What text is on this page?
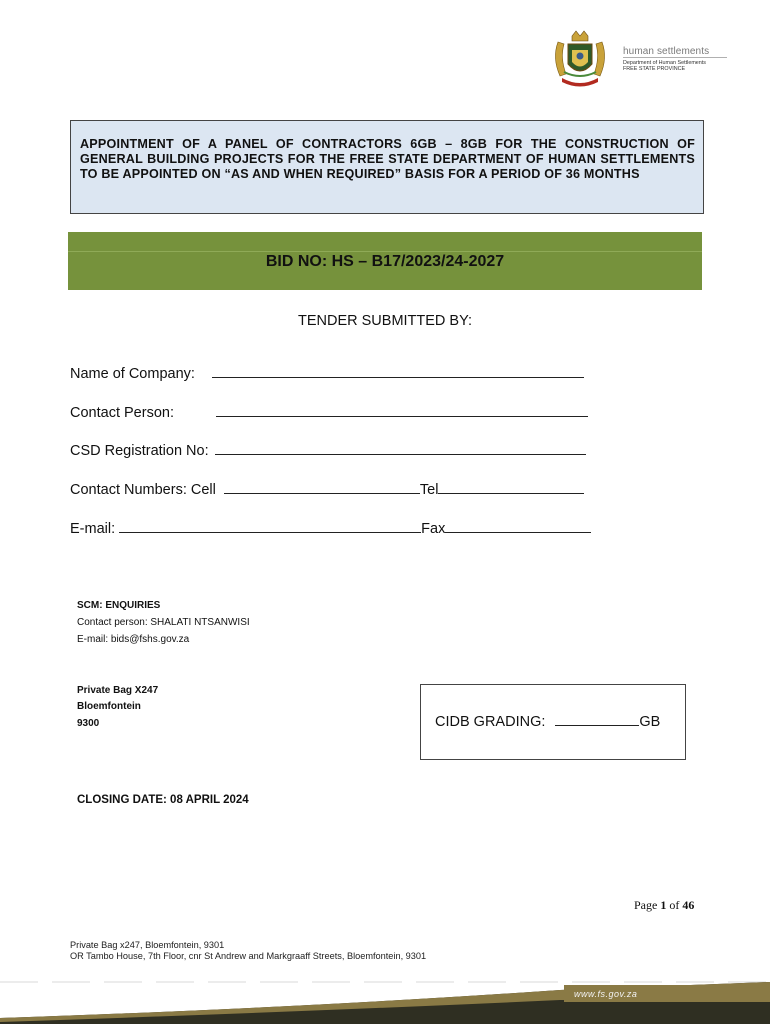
human settlements
Department of Human Settlements
FREE STATE PROVINCE
APPOINTMENT OF A PANEL OF CONTRACTORS 6GB – 8GB FOR THE CONSTRUCTION OF GENERAL BUILDING PROJECTS FOR THE FREE STATE DEPARTMENT OF HUMAN SETTLEMENTS TO BE APPOINTED ON “AS AND WHEN REQUIRED” BASIS FOR A PERIOD OF 36 MONTHS
BID NO: HS – B17/2023/24-2027
TENDER SUBMITTED BY:
Name of Company:
Contact Person:
CSD Registration No:
Contact Numbers: Cell	Tel
E-mail:	Fax
SCM: ENQUIRIES
Contact person: SHALATI NTSANWISI
E-mail: bids@fshs.gov.za
Private Bag X247
Bloemfontein
9300	CIDB GRADING:	GB
CLOSING DATE: 08 APRIL 2024
Page 1 of 46
Private Bag x247, Bloemfontein, 9301
OR Tambo House, 7th Floor, cnr St Andrew and Markgraaff Streets, Bloemfontein, 9301
www.fs.gov.za
